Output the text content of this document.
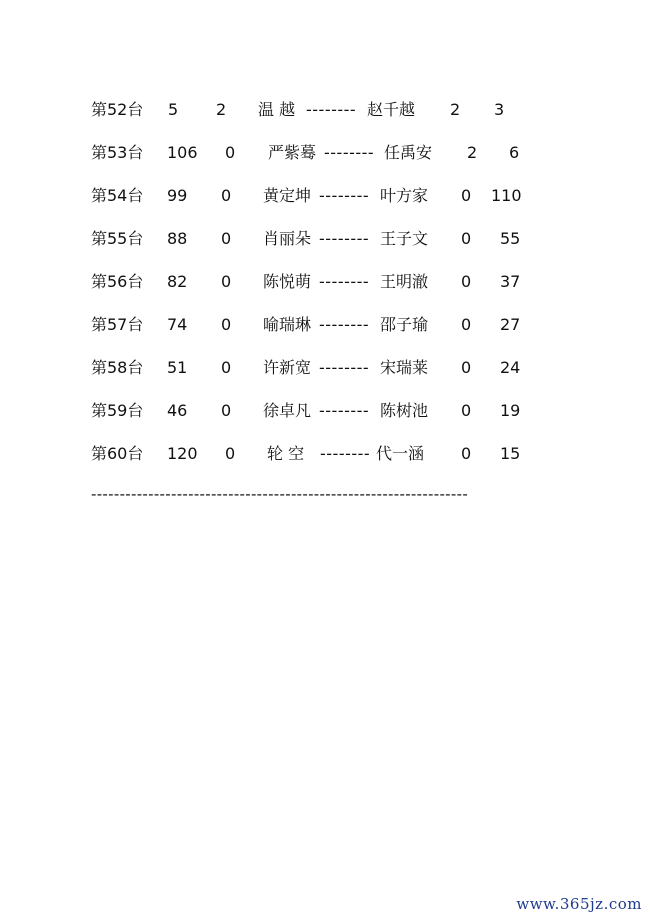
第52台 5 2 温 越 -------- 赵千越 2 3
第53台 106 0 严紫蓦 -------- 任禹安 2 6
第54台 99 0 黄定坤 -------- 叶方家 0 110
第55台 88 0 肖丽朵 -------- 王子文 0 55
第56台 82 0 陈悦萌 -------- 王明澈 0 37
第57台 74 0 喻瑞琳 -------- 邵子瑜 0 27
第58台 51 0 许新宽 -------- 宋瑞莱 0 24
第59台 46 0 徐卓凡 -------- 陈树池 0 19
第60台 120 0 轮 空 -------- 代一涵 0 15
------------------------------------------------------------------
www.365jz.com
